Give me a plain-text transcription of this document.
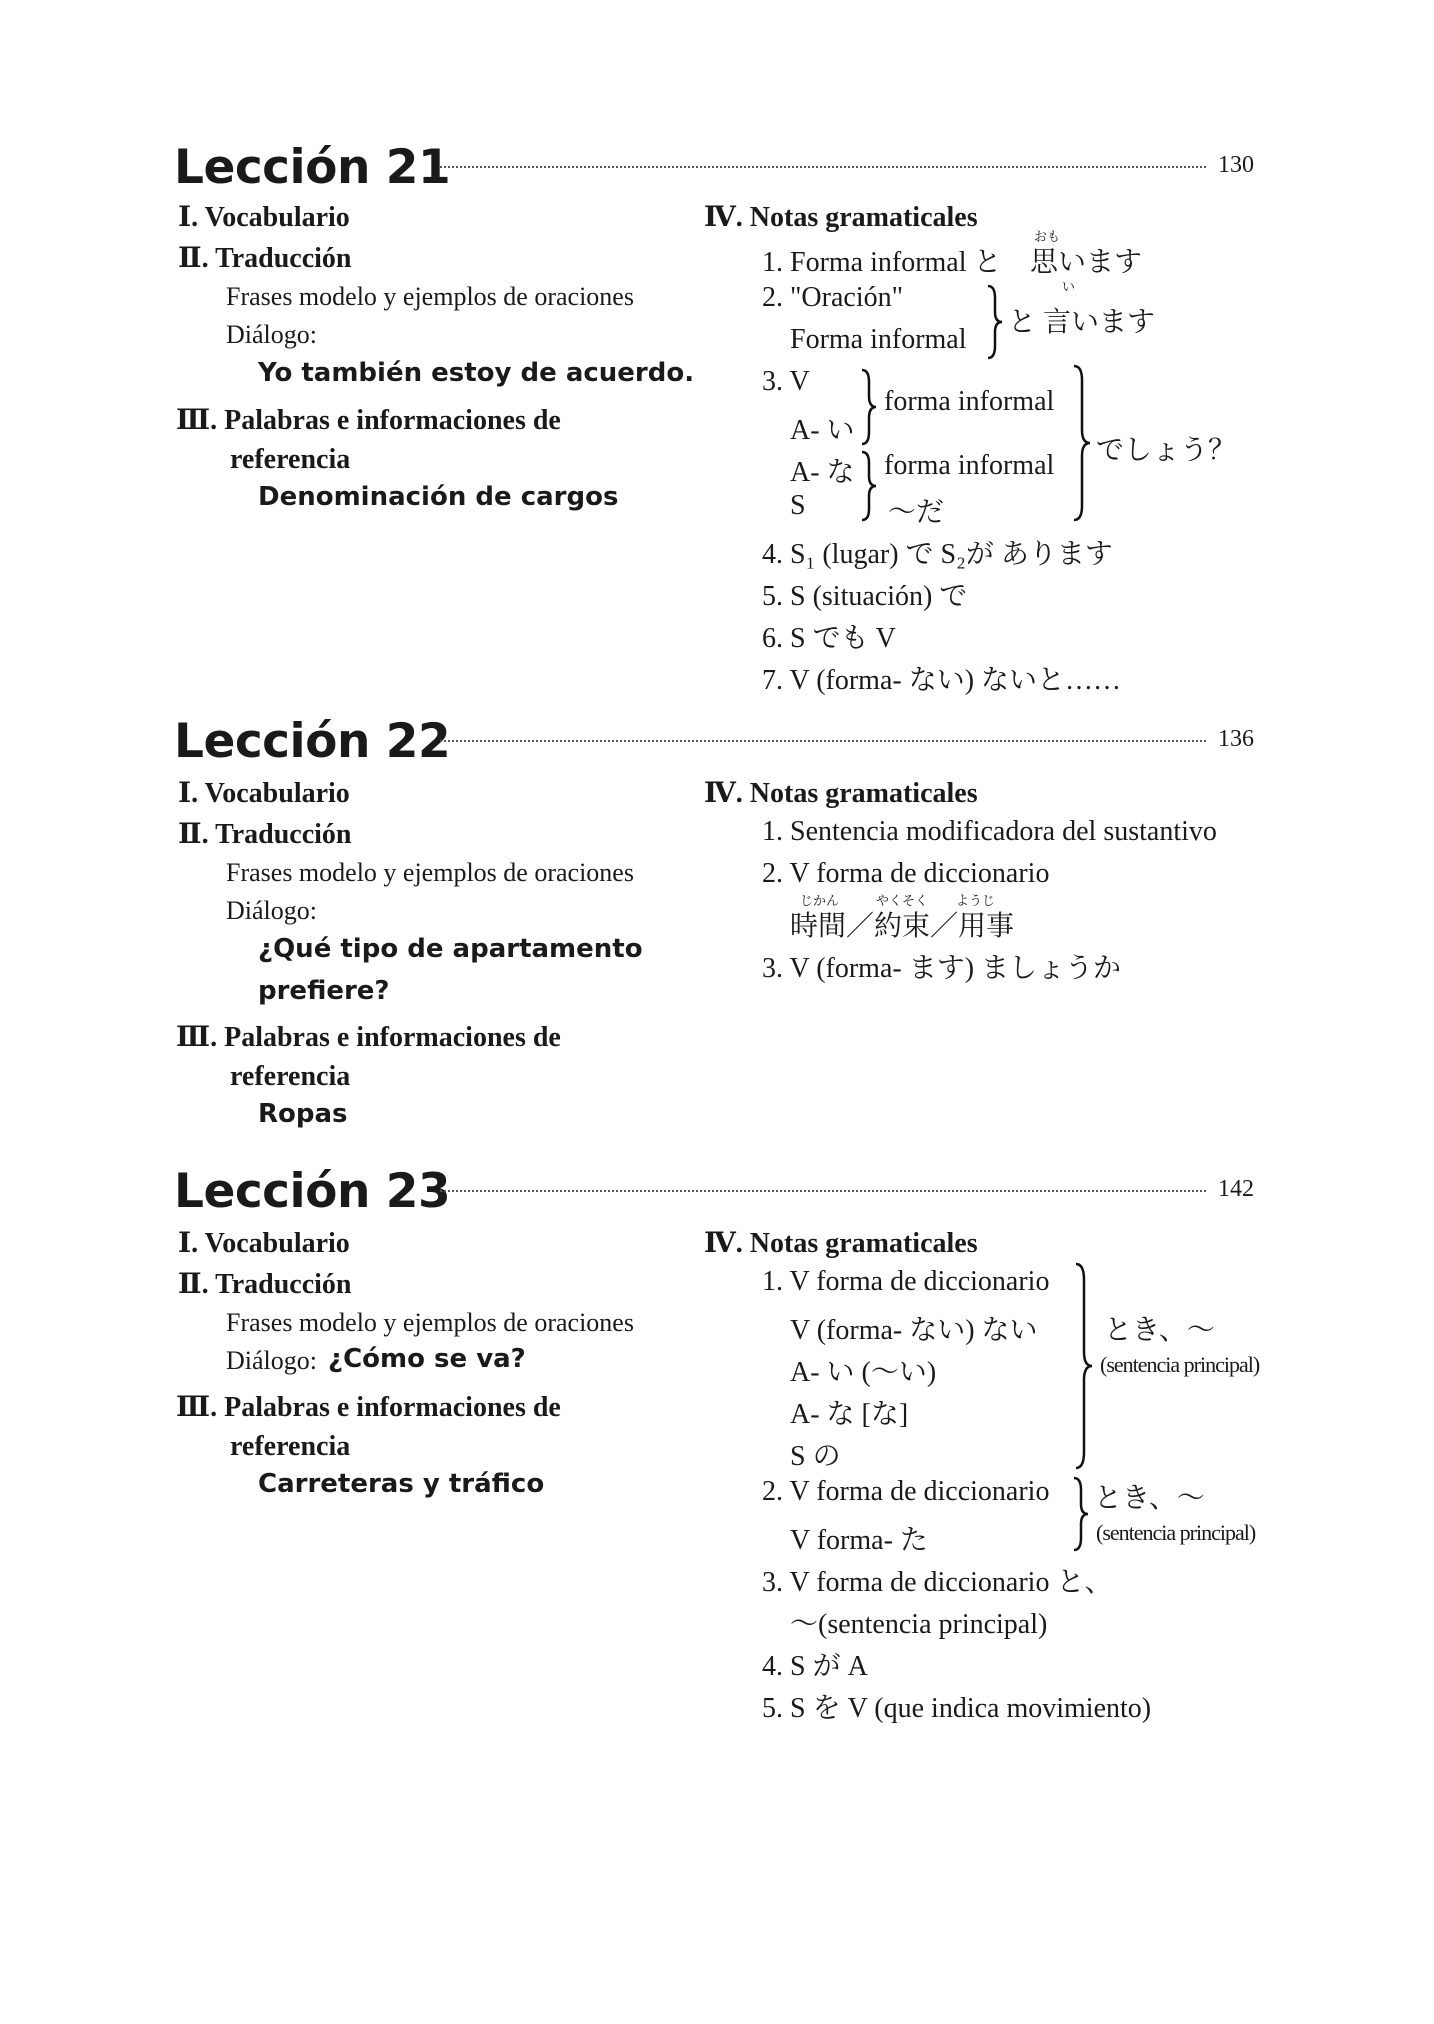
Lección 21	130
Ⅰ. Vocabulario
Ⅱ. Traducción
Frases modelo y ejemplos de oraciones
Diálogo:
Yo también estoy de acuerdo.
Ⅲ. Palabras e informaciones de
referencia
Denominación de cargos
Ⅳ. Notas gramaticales
1. Forma informal と
おも
思います
2. "Oración"
Forma informal
い
と 言います
3. V
A- い
A- な
S
forma informal
forma informal
～だ
でしょう？
4. S₁ (lugar) で S₂が あります
5. S (situación) で
6. S でも V
7. V (forma- ない) ないと……
Lección 22	136
Ⅰ. Vocabulario
Ⅱ. Traducción
Frases modelo y ejemplos de oraciones
Diálogo:
¿Qué tipo de apartamento
prefiere?
Ⅲ. Palabras e informaciones de
referencia
Ropas
Ⅳ. Notas gramaticales
1. Sentencia modificadora del sustantivo
2. V forma de diccionario
じかん	やくそく ようじ
時間／約束／用事
3. V (forma- ます) ましょうか
Lección 23	142
Ⅰ. Vocabulario
Ⅱ. Traducción
Frases modelo y ejemplos de oraciones
Diálogo: ¿Cómo se va?
Ⅲ. Palabras e informaciones de
referencia
Carreteras y tráfico
Ⅳ. Notas gramaticales
1. V forma de diccionario
V (forma- ない) ない
A- い (～い)
A- な [な]
S の
とき、～
(sentencia principal)
2. V forma de diccionario
V forma- た
とき、～
(sentencia principal)
3. V forma de diccionario と、
～(sentencia principal)
4. S が A
5. S を V (que indica movimiento)
